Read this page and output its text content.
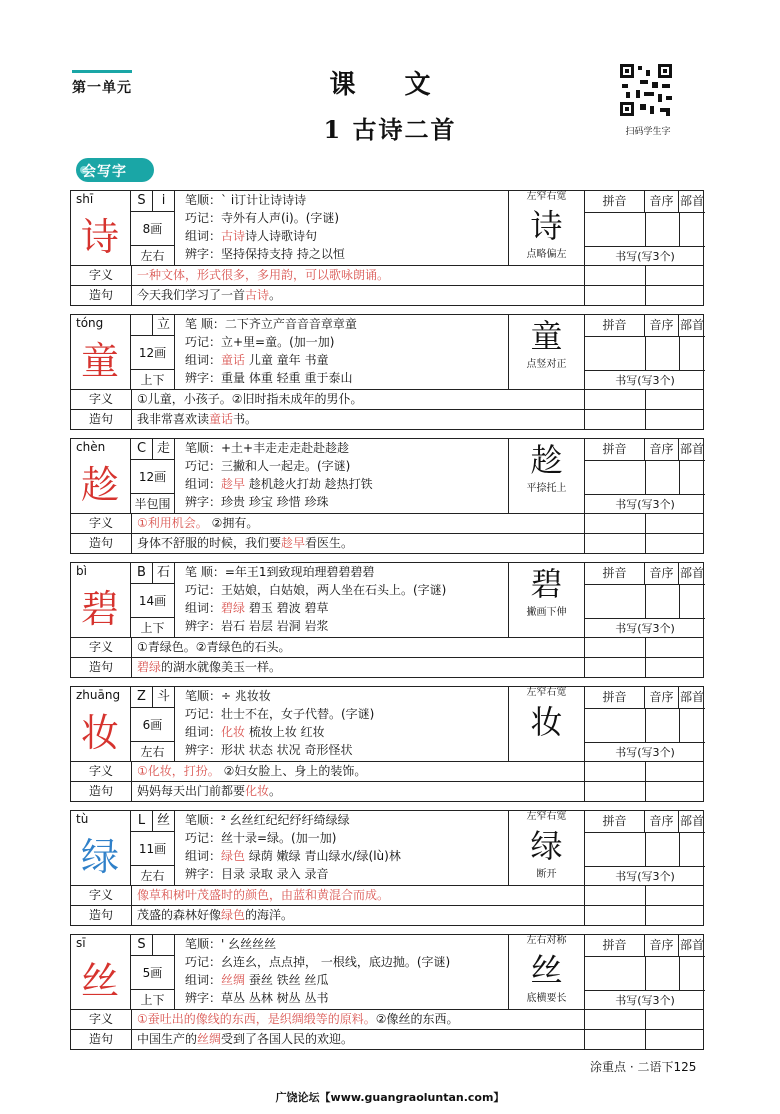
第一单元	课 文
1 古诗二首	扫码学生字
会写字
shī
诗
S	i
8画
左右
笔顺：` i订计让诗诗诗
巧记：寺外有人声(i)。(字谜)
组词：古诗诗人诗歌诗句
辨字：坚持保持支持 持之以恒
左窄右宽
诗
点略偏左
拼音	音序 部首
书写(写3个)
字义	一种文体，形式很多，多用韵，可以歌咏朗诵。
造句	今天我们学习了一首古诗。
tóng
童
立
12画
上下
笔 顺：二下齐立产音音音章章童
巧记：立+里=童。(加一加)
组词：童话 儿童 童年 书童
辨字：重量 体重 轻重 重于泰山
童
点竖对正
拼音	音序 部首
书写(写3个)
字义	①儿童，小孩子。②旧时指未成年的男仆。
造句	我非常喜欢读童话书。
chèn
趁
C 走
12画
半包围
笔顺：+土+丰走走走赴赴趁趁
巧记：三撇和人一起走。(字谜)
组词：趁早 趁机趁火打劫 趁热打铁
辨字：珍贵 珍宝 珍惜 珍珠
趁
平捺托上
拼音	音序 部首
书写(写3个)
字义	①利用机会。 ②拥有。
造句	身体不舒服的时候，我们要趁早看医生。
bì
碧
B 石
14画
上下
笔 顺：=年王1到致现珀理碧碧碧碧
巧记：王姑娘，白姑娘，两人坐在石头上。(字谜)
组词：碧绿 碧玉 碧波 碧草
辨字：岩石 岩层 岩洞 岩浆
碧
撇画下伸
拼音	音序 部首
书写(写3个)
字义	①青绿色。②青绿色的石头。
造句	碧绿的湖水就像美玉一样。
zhuāng
妆
Z 斗
6画
左右
笔顺：÷ 兆妆妆
巧记：壮士不在，女子代替。(字谜)
组词：化妆 梳妆上妆 红妆
辨字：形状 状态 状况 奇形怪状
左窄右宽
妆
拼音	音序 部首
书写(写3个)
字义	①化妆，打扮。 ②妇女脸上、身上的装饰。
造句	妈妈每天出门前都要化妆。
tù
绿
L 丝
11画
左右
笔顺：² 幺丝红纪纪纾纡绮绿绿
巧记：丝十录=绿。(加一加)
组词：绿色 绿荫 嫩绿 青山绿水/绿(lù)林
辨字：目录 录取 录入 录音
左窄右宽
绿
断开
拼音	音序 部首
书写(写3个)
字义	像草和树叶茂盛时的颜色，由蓝和黄混合而成。
造句	茂盛的森林好像绿色的海洋。
sī
丝
S
5画
上下
笔顺：' 幺丝丝丝
巧记：幺连幺，点点掉， 一根线，底边抛。(字谜)
组词：丝绸 蚕丝 铁丝 丝瓜
辨字：草丛 丛林 树丛 丛书
左右对称
丝
底横要长
拼音	音序 部首
书写(写3个)
字义	①蚕吐出的像线的东西，是织绸缎等的原料。②像丝的东西。
造句	中国生产的丝绸受到了各国人民的欢迎。
涂重点 · 二语下125
广饶论坛【www.guangraoluntan.com】
